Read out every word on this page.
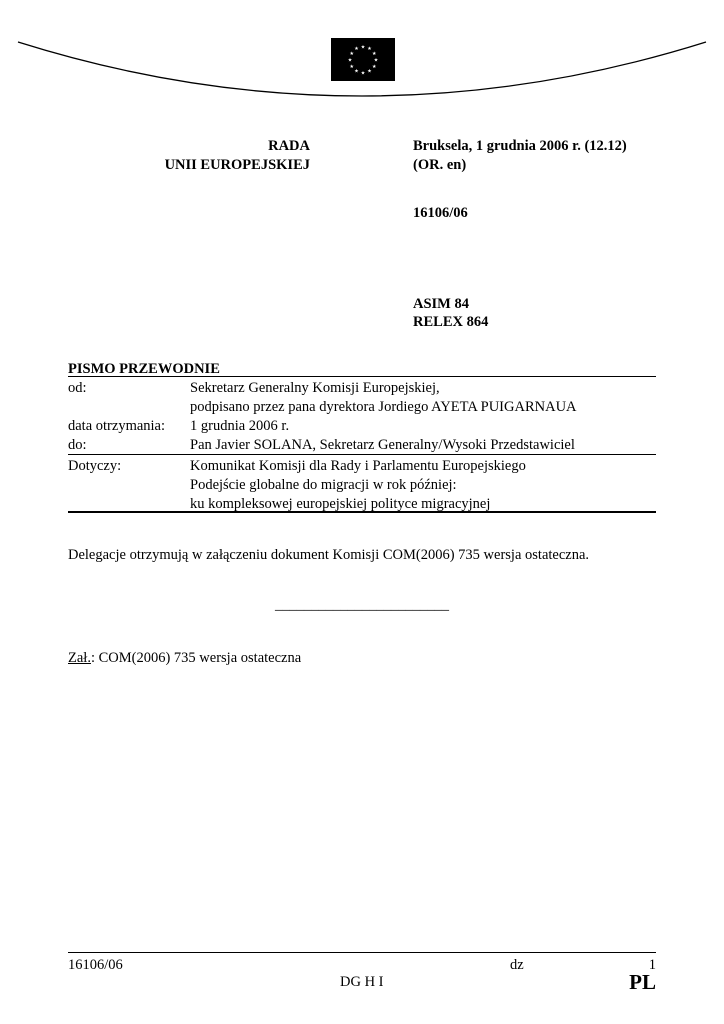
★ ★
★
★
★
★
★
★
★
★
★
★
RADA
UNII EUROPEJSKIEJ
Bruksela, 1 grudnia 2006 r. (12.12)
(OR. en)
16106/06
ASIM 84
RELEX 864
PISMO PRZEWODNIE
od:	Sekretarz Generalny Komisji Europejskiej,
podpisano przez pana dyrektora Jordiego AYETA PUIGARNAUA
data otrzymania: 1 grudnia 2006 r.
do:	Pan Javier SOLANA, Sekretarz Generalny/Wysoki Przedstawiciel
Dotyczy:	Komunikat Komisji dla Rady i Parlamentu Europejskiego
Podejście globalne do migracji w rok później:
ku kompleksowej europejskiej polityce migracyjnej
Delegacje otrzymują w załączeniu dokument Komisji COM(2006) 735 wersja ostateczna.
________________________
Zał.: COM(2006) 735 wersja ostateczna
16106/06	dz	1
DG H I	PL
